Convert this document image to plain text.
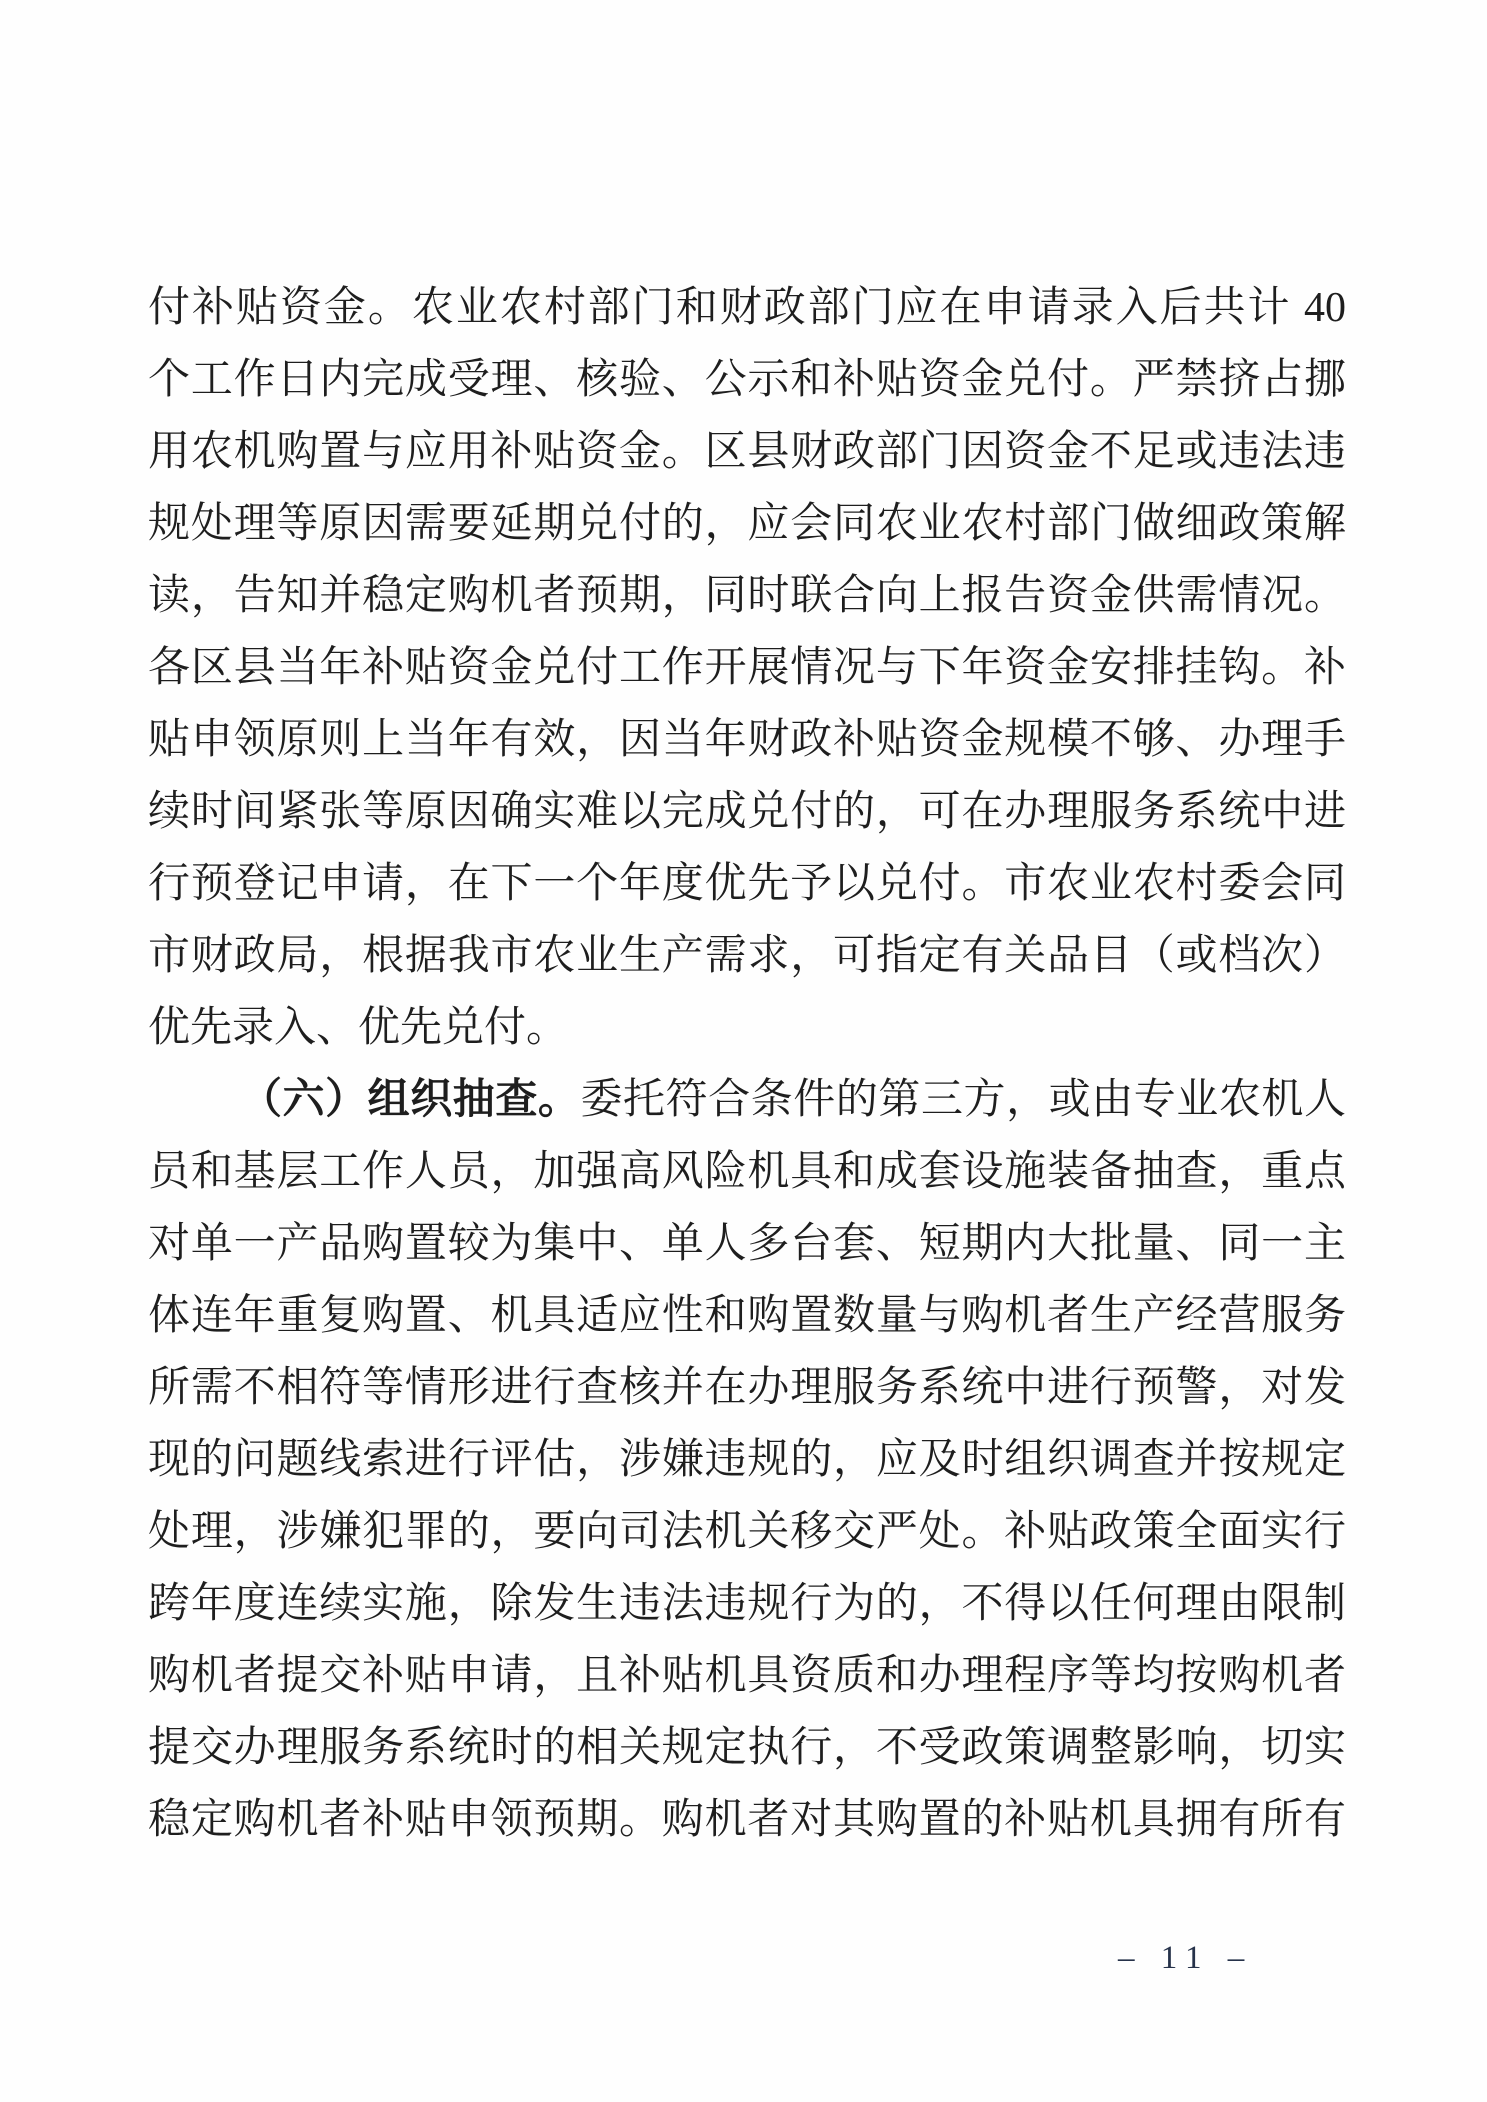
付补贴资金。农业农村部门和财政部门应在申请录入后共计 40
个工作日内完成受理、核验、公示和补贴资金兑付。严禁挤占挪
用农机购置与应用补贴资金。区县财政部门因资金不足或违法违
规处理等原因需要延期兑付的，应会同农业农村部门做细政策解
读，告知并稳定购机者预期，同时联合向上报告资金供需情况。
各区县当年补贴资金兑付工作开展情况与下年资金安排挂钩。补
贴申领原则上当年有效，因当年财政补贴资金规模不够、办理手
续时间紧张等原因确实难以完成兑付的，可在办理服务系统中进
行预登记申请，在下一个年度优先予以兑付。市农业农村委会同
市财政局，根据我市农业生产需求，可指定有关品目（或档次）
优先录入、优先兑付。
（六）组织抽查。委托符合条件的第三方，或由专业农机人
员和基层工作人员，加强高风险机具和成套设施装备抽查，重点
对单一产品购置较为集中、单人多台套、短期内大批量、同一主
体连年重复购置、机具适应性和购置数量与购机者生产经营服务
所需不相符等情形进行查核并在办理服务系统中进行预警，对发
现的问题线索进行评估，涉嫌违规的，应及时组织调查并按规定
处理，涉嫌犯罪的，要向司法机关移交严处。补贴政策全面实行
跨年度连续实施，除发生违法违规行为的，不得以任何理由限制
购机者提交补贴申请，且补贴机具资质和办理程序等均按购机者
提交办理服务系统时的相关规定执行，不受政策调整影响，切实
稳定购机者补贴申领预期。购机者对其购置的补贴机具拥有所有
– 11 –
